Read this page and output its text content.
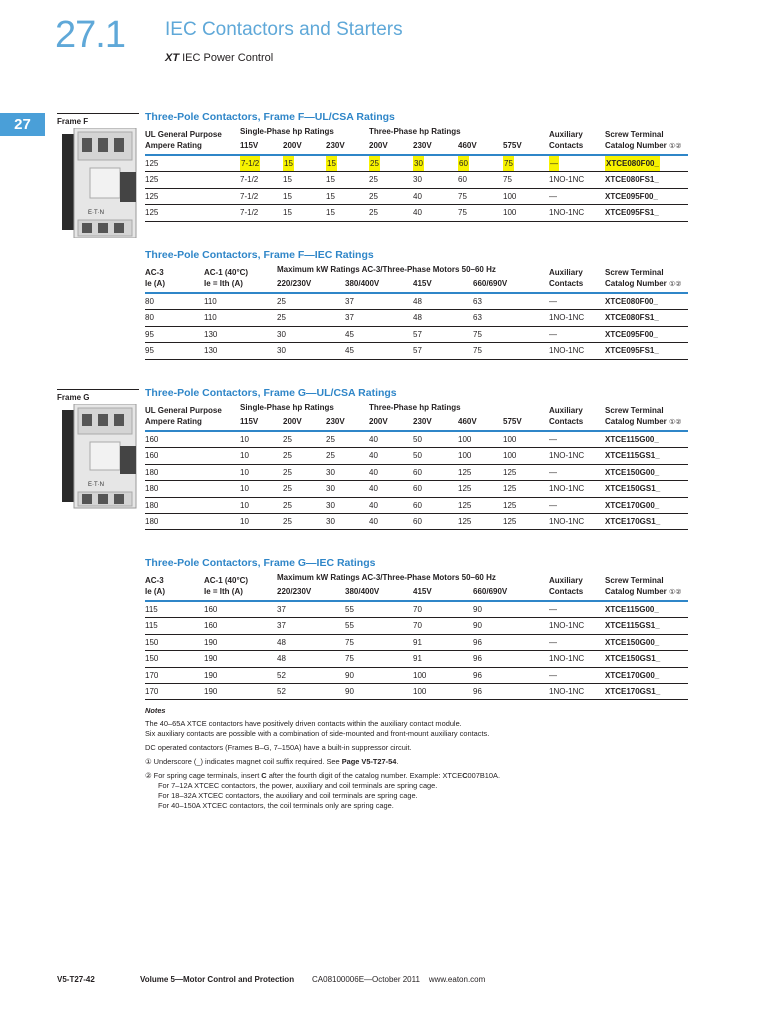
27.1 IEC Contactors and Starters
XT IEC Power Control
27	Frame F
E·T·N
Frame G
E·T·N
Three-Pole Contactors, Frame F—UL/CSA Ratings
UL General Purpose
Ampere Rating
Single-Phase hp Ratings	Three-Phase hp Ratings
115V	200V	230V	200V	230V	460V	575V
Auxiliary
Contacts
Screw Terminal
Catalog Number ①②
125	7-1/2	15	15	25	30	60	75	—	XTCE080F00_
125	7-1/2	15	15	25	30	60	75	1NO-1NC	XTCE080FS1_
125	7-1/2	15	15	25	40	75	100	—	XTCE095F00_
125	7-1/2	15	15	25	40	75	100	1NO-1NC	XTCE095FS1_
Three-Pole Contactors, Frame F—IEC Ratings
AC-3
Ie (A)
AC-1 (40°C)
Ie = Ith (A)
Maximum kW Ratings AC-3/Three-Phase Motors 50–60 Hz
220/230V	380/400V	415V	660/690V
Auxiliary
Contacts
Screw Terminal
Catalog Number ①②
80	110	25	37	48	63	—	XTCE080F00_
80	110	25	37	48	63	1NO-1NC	XTCE080FS1_
95	130	30	45	57	75	—	XTCE095F00_
95	130	30	45	57	75	1NO-1NC	XTCE095FS1_
Three-Pole Contactors, Frame G—UL/CSA Ratings
UL General Purpose
Ampere Rating
Single-Phase hp Ratings	Three-Phase hp Ratings
115V	200V	230V	200V	230V	460V	575V
Auxiliary
Contacts
Screw Terminal
Catalog Number ①②
160	10	25	25	40	50	100	100	—	XTCE115G00_
160	10	25	25	40	50	100	100	1NO-1NC	XTCE115GS1_
180	10	25	30	40	60	125	125	—	XTCE150G00_
180	10	25	30	40	60	125	125	1NO-1NC	XTCE150GS1_
180	10	25	30	40	60	125	125	—	XTCE170G00_
180	10	25	30	40	60	125	125	1NO-1NC	XTCE170GS1_
Three-Pole Contactors, Frame G—IEC Ratings
AC-3
Ie (A)
AC-1 (40°C)
Ie = Ith (A)
Maximum kW Ratings AC-3/Three-Phase Motors 50–60 Hz
220/230V	380/400V	415V	660/690V
Auxiliary
Contacts
Screw Terminal
Catalog Number ①②
115	160	37	55	70	90	—	XTCE115G00_
115	160	37	55	70	90	1NO-1NC	XTCE115GS1_
150	190	48	75	91	96	—	XTCE150G00_
150	190	48	75	91	96	1NO-1NC	XTCE150GS1_
170	190	52	90	100	96	—	XTCE170G00_
170	190	52	90	100	96	1NO-1NC	XTCE170GS1_
Notes

The 40–65A XTCE contactors have positively driven contacts within the auxiliary contact module.

Six auxiliary contacts are possible with a combination of side-mounted and front-mount auxiliary contacts.

DC operated contactors (Frames B–G, 7–150A) have a built-in suppressor circuit.

① Underscore (_) indicates magnet coil suffix required. See Page V5-T27-54.

② For spring cage terminals, insert C after the fourth digit of the catalog number. Example: XTCEC007B10A.

For 7–12A XTCEC contactors, the power, auxiliary and coil terminals are spring cage.

For 18–32A XTCEC contactors, the auxiliary and coil terminals are spring cage.

For 40–150A XTCEC contactors, the coil terminals only are spring cage.

V5-T27-42	Volume 5—Motor Control and Protection CA08100006E—October 2011    www.eaton.com
